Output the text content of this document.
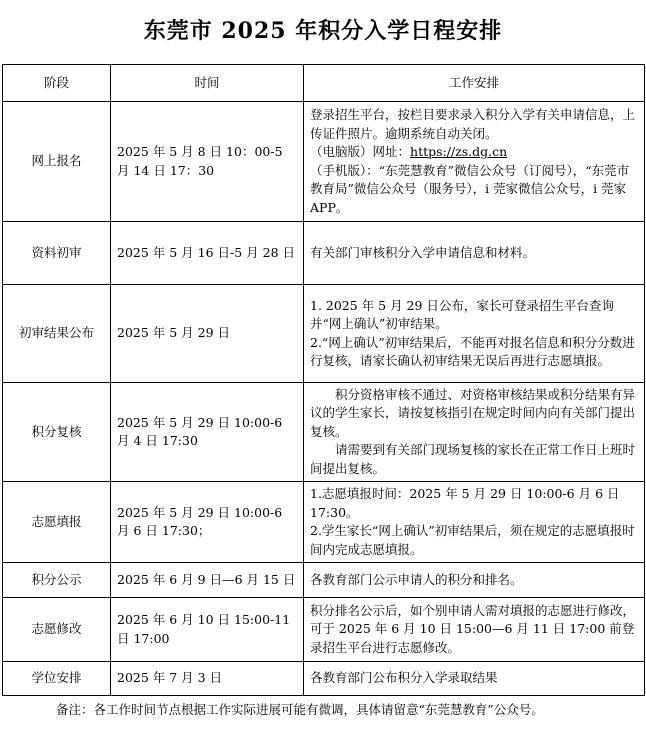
东莞市 2025 年积分入学日程安排
阶段	时间	工作安排
网上报名	2025 年 5 月 8 日 10：00-5 月 14 日 17：30	登录招生平台，按栏目要求录入积分入学有关申请信息，上传证件照片。逾期系统自动关闭。
（电脑版）网址：https://zs.dg.cn
（手机版）：“东莞慧教育”微信公众号（订阅号），“东莞市教育局”微信公众号（服务号），i 莞家微信公众号，i 莞家 APP。

资料初审	2025 年 5 月 16 日-5 月 28 日	有关部门审核积分入学申请信息和材料。

初审结果公布	2025 年 5 月 29 日	1. 2025 年 5 月 29 日公布，家长可登录招生平台查询并“网上确认”初审结果。
2.“网上确认”初审结果后，不能再对报名信息和积分分数进行复核，请家长确认初审结果无误后再进行志愿填报。

积分复核	2025 年 5 月 29 日 10:00-6 月 4 日 17:30	积分资格审核不通过、对资格审核结果或积分结果有异议的学生家长，请按复核指引在规定时间内向有关部门提出复核。
请需要到有关部门现场复核的家长在正常工作日上班时间提出复核。

志愿填报	2025 年 5 月 29 日 10:00-6 月 6 日 17:30；	1.志愿填报时间：2025 年 5 月 29 日 10:00-6 月 6 日 17:30。
2.学生家长“网上确认”初审结果后，须在规定的志愿填报时间内完成志愿填报。

积分公示	2025 年 6 月 9 日—6 月 15 日	各教育部门公示申请人的积分和排名。

志愿修改	2025 年 6 月 10 日 15:00-11 日 17:00	积分排名公示后，如个别申请人需对填报的志愿进行修改，可于 2025 年 6 月 10 日 15:00—6 月 11 日 17:00 前登录招生平台进行志愿修改。

学位安排	2025 年 7 月 3 日	各教育部门公布积分入学录取结果
备注：各工作时间节点根据工作实际进展可能有微调，具体请留意“东莞慧教育”公众号。
